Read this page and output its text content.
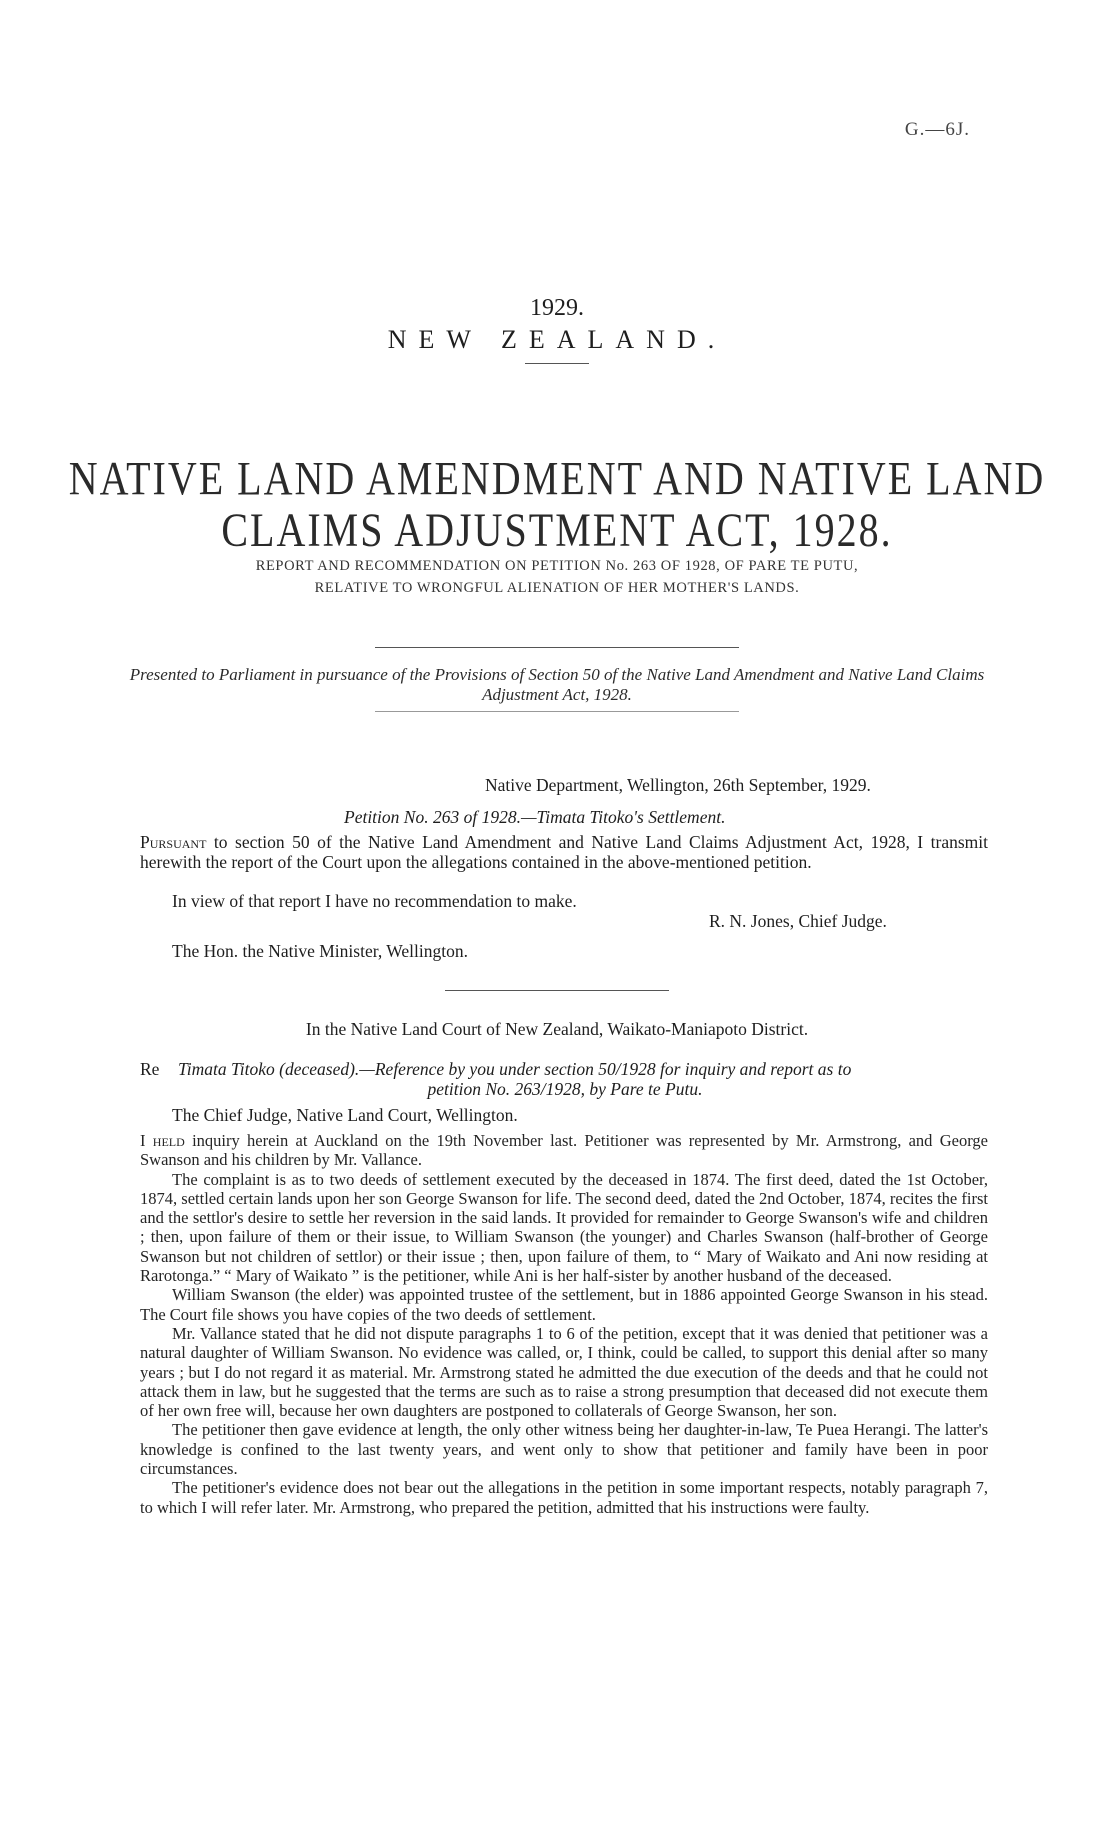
G.—6J.
1929.
NEW ZEALAND.
NATIVE LAND AMENDMENT AND NATIVE LAND CLAIMS ADJUSTMENT ACT, 1928.
REPORT AND RECOMMENDATION ON PETITION No. 263 OF 1928, OF PARE TE PUTU,
RELATIVE TO WRONGFUL ALIENATION OF HER MOTHER'S LANDS.
Presented to Parliament in pursuance of the Provisions of Section 50 of the Native Land Amendment and Native Land Claims Adjustment Act, 1928.
Native Department, Wellington, 26th September, 1929.
Petition No. 263 of 1928.—Timata Titoko's Settlement.
Pursuant to section 50 of the Native Land Amendment and Native Land Claims Adjustment Act, 1928, I transmit herewith the report of the Court upon the allegations contained in the above-mentioned petition.
In view of that report I have no recommendation to make.
R. N. Jones, Chief Judge.
The Hon. the Native Minister, Wellington.
In the Native Land Court of New Zealand, Waikato-Maniapoto District.
Re Timata Titoko (deceased).—Reference by you under section 50/1928 for inquiry and report as to
petition No. 263/1928, by Pare te Putu.
The Chief Judge, Native Land Court, Wellington.

I held inquiry herein at Auckland on the 19th November last. Petitioner was represented by Mr. Armstrong, and George Swanson and his children by Mr. Vallance.

The complaint is as to two deeds of settlement executed by the deceased in 1874. The first deed, dated the 1st October, 1874, settled certain lands upon her son George Swanson for life. The second deed, dated the 2nd October, 1874, recites the first and the settlor's desire to settle her reversion in the said lands. It provided for remainder to George Swanson's wife and children ; then, upon failure of them or their issue, to William Swanson (the younger) and Charles Swanson (half-brother of George Swanson but not children of settlor) or their issue ; then, upon failure of them, to “ Mary of Waikato and Ani now residing at Rarotonga.” “ Mary of Waikato ” is the petitioner, while Ani is her half-sister by another husband of the deceased.

William Swanson (the elder) was appointed trustee of the settlement, but in 1886 appointed George Swanson in his stead. The Court file shows you have copies of the two deeds of settlement.

Mr. Vallance stated that he did not dispute paragraphs 1 to 6 of the petition, except that it was denied that petitioner was a natural daughter of William Swanson. No evidence was called, or, I think, could be called, to support this denial after so many years ; but I do not regard it as material. Mr. Armstrong stated he admitted the due execution of the deeds and that he could not attack them in law, but he suggested that the terms are such as to raise a strong presumption that deceased did not execute them of her own free will, because her own daughters are postponed to collaterals of George Swanson, her son.

The petitioner then gave evidence at length, the only other witness being her daughter-in-law, Te Puea Herangi. The latter's knowledge is confined to the last twenty years, and went only to show that petitioner and family have been in poor circumstances.

The petitioner's evidence does not bear out the allegations in the petition in some important respects, notably paragraph 7, to which I will refer later. Mr. Armstrong, who prepared the petition, admitted that his instructions were faulty.
